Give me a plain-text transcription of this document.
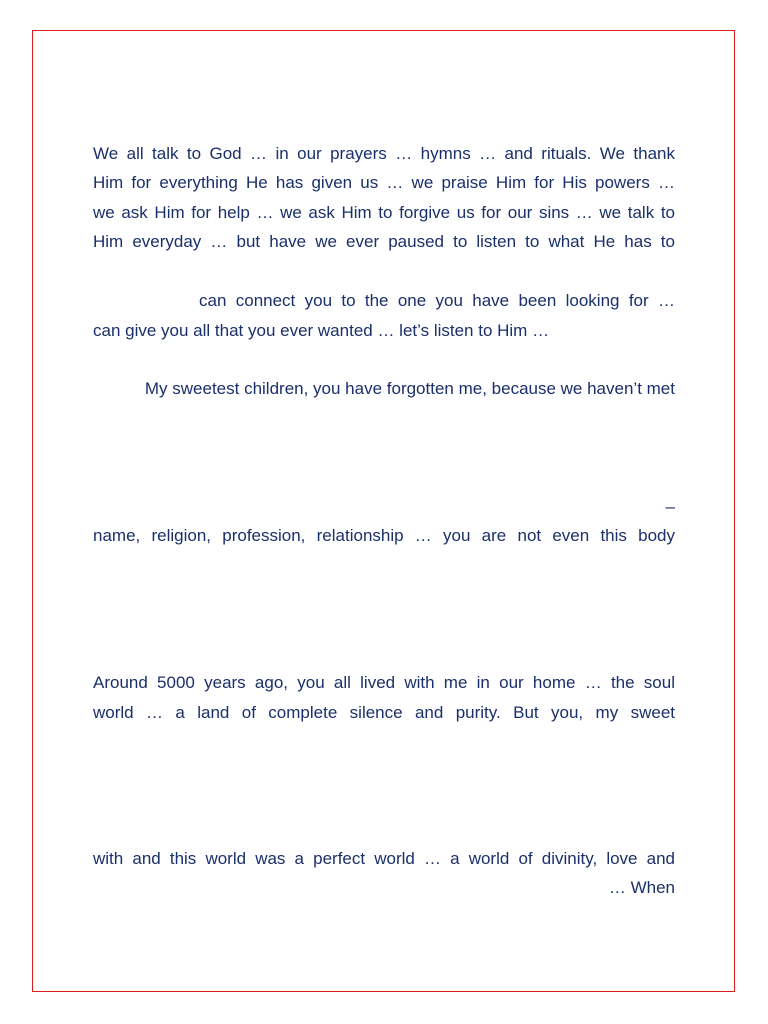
We all talk to God … in our prayers … hymns … and rituals. We thank
Him for everything He has given us … we praise Him for His powers …
we ask Him for help … we ask Him to forgive us for our sins … we talk to
Him everyday … but have we ever paused to listen to what He has to
can connect you to the one you have been looking for …
can give you all that you ever wanted … let’s listen to Him …
My sweetest children, you have forgotten me, because we haven’t met
–
name, religion, profession, relationship … you are not even this body
Around 5000 years ago, you all lived with me in our home … the soul
world … a land of complete silence and purity. But you, my sweet
with and this world was a perfect world … a world of divinity, love and
… When
